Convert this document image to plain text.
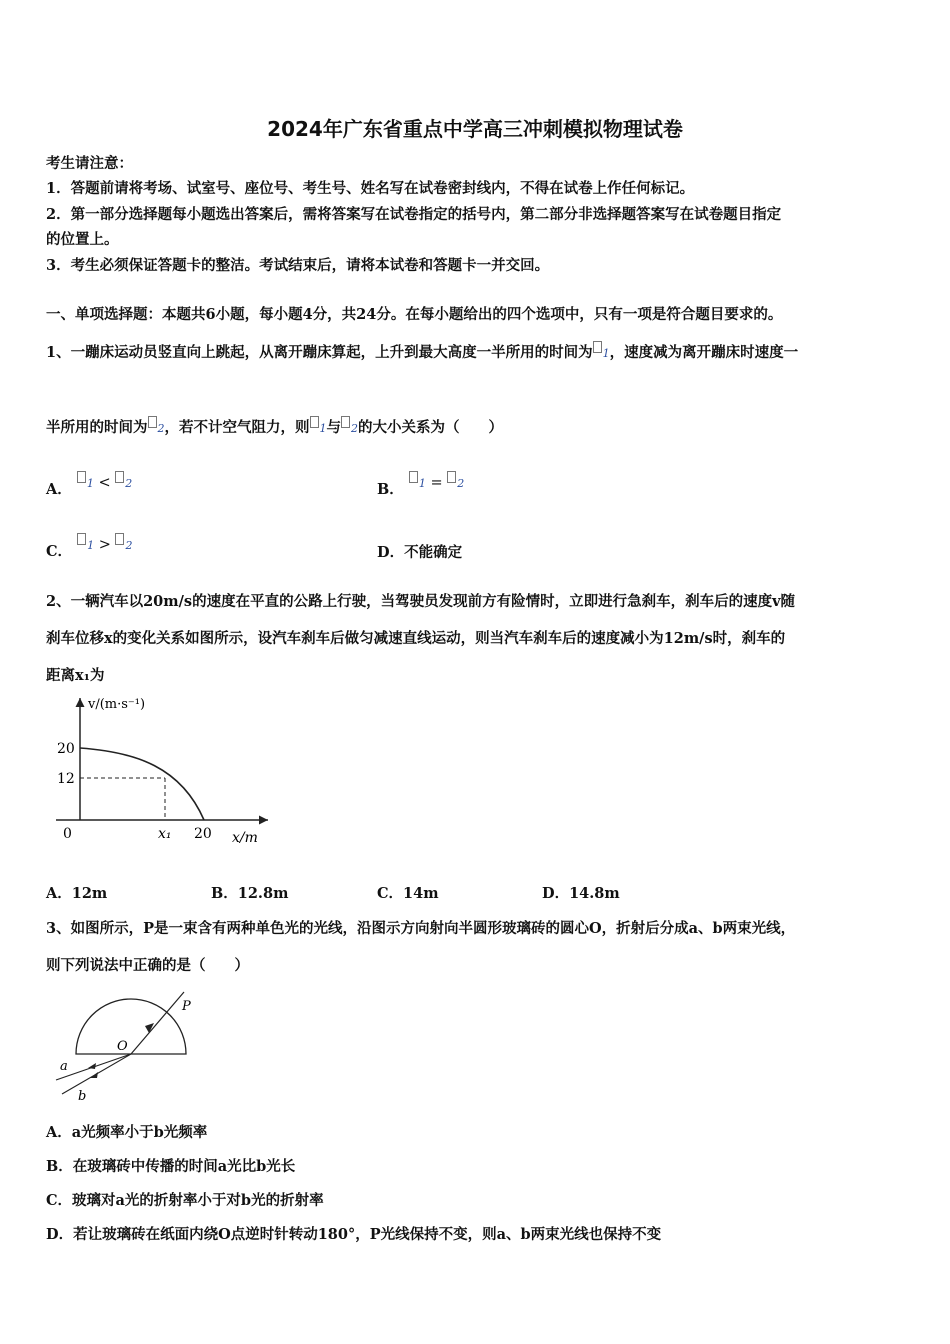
2024年广东省重点中学高三冲刺模拟物理试卷
考生请注意：
1．答题前请将考场、试室号、座位号、考生号、姓名写在试卷密封线内，不得在试卷上作任何标记。
2．第一部分选择题每小题选出答案后，需将答案写在试卷指定的括号内，第二部分非选择题答案写在试卷题目指定
的位置上。
3．考生必须保证答题卡的整洁。考试结束后，请将本试卷和答题卡一并交回。
一、单项选择题：本题共6小题，每小题4分，共24分。在每小题给出的四个选项中，只有一项是符合题目要求的。
1、一蹦床运动员竖直向上跳起，从离开蹦床算起，上升到最大高度一半所用的时间为 1，速度减为离开蹦床时速度一
半所用的时间为 2，若不计空气阻力，则 1与 2的大小关系为（　　）
A． 1 < 2	B． 1 = 2
C． 1 > 2	D．不能确定
2、一辆汽车以20m/s的速度在平直的公路上行驶，当驾驶员发现前方有险情时，立即进行急刹车，刹车后的速度v随
刹车位移x的变化关系如图所示，设汽车刹车后做匀减速直线运动，则当汽车刹车后的速度减小为12m/s时，刹车的
距离x₁为
v/(m·s⁻¹)
20
12
0	x₁ 20 x/m
A．12m	B．12.8m	C．14m	D．14.8m
3、如图所示，P是一束含有两种单色光的光线，沿图示方向射向半圆形玻璃砖的圆心O，折射后分成a、b两束光线，
则下列说法中正确的是（　　）
P
O
a
b
A．a光频率小于b光频率
B．在玻璃砖中传播的时间a光比b光长
C．玻璃对a光的折射率小于对b光的折射率
D．若让玻璃砖在纸面内绕O点逆时针转动180°，P光线保持不变，则a、b两束光线也保持不变
